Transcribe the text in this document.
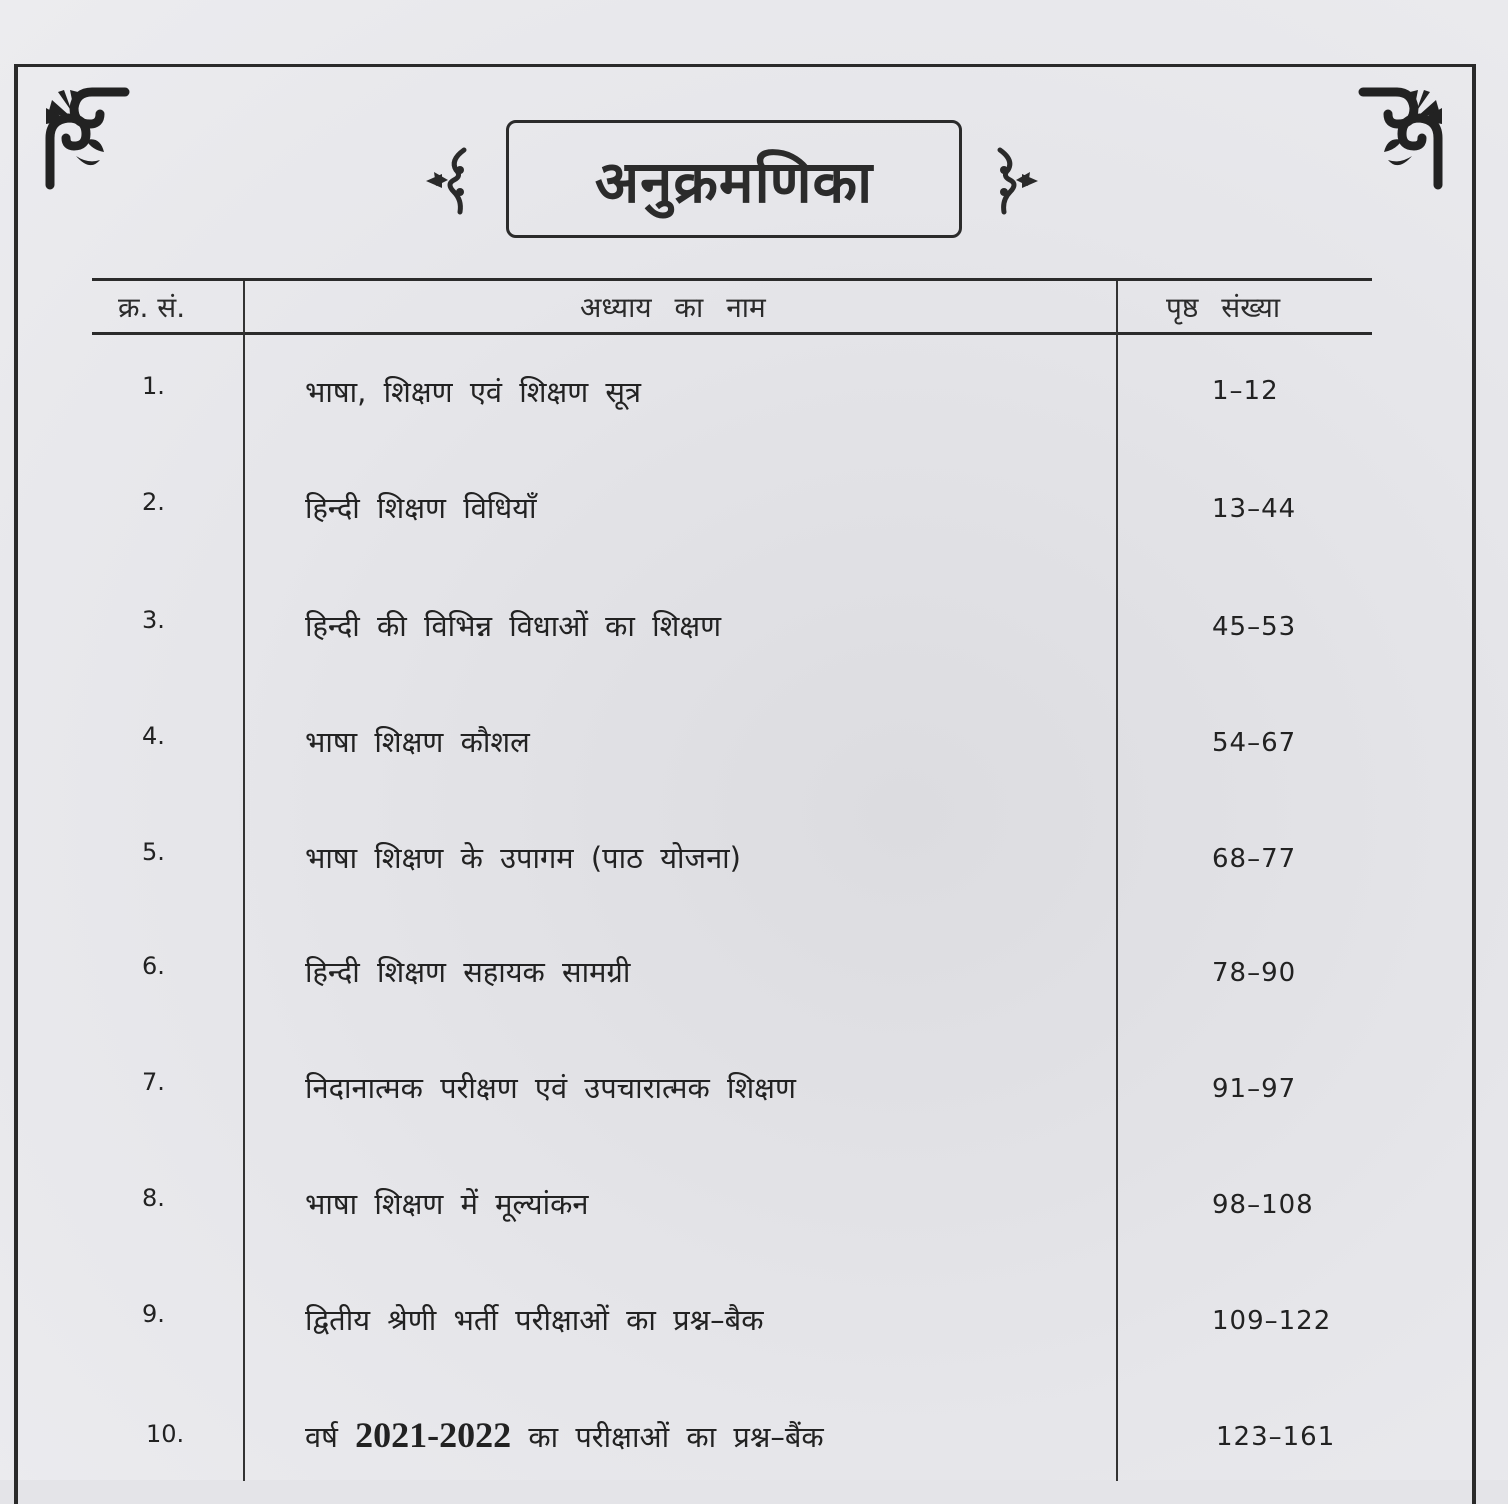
अनुक्रमणिका
क्र. सं.	अध्याय का नाम	पृष्ठ संख्या
1.	भाषा, शिक्षण एवं शिक्षण सूत्र	1–12
2.	हिन्दी शिक्षण विधियाँ	13–44
3.	हिन्दी की विभिन्न विधाओं का शिक्षण	45–53
4.	भाषा शिक्षण कौशल	54–67
5.	भाषा शिक्षण के उपागम (पाठ योजना)	68–77
6.	हिन्दी शिक्षण सहायक सामग्री	78–90
7.	निदानात्मक परीक्षण एवं उपचारात्मक शिक्षण	91–97
8.	भाषा शिक्षण में मूल्यांकन	98–108
9.	द्वितीय श्रेणी भर्ती परीक्षाओं का प्रश्न–बैक	109–122
10.	वर्ष 2021-2022 का परीक्षाओं का प्रश्न–बैंक	123–161
